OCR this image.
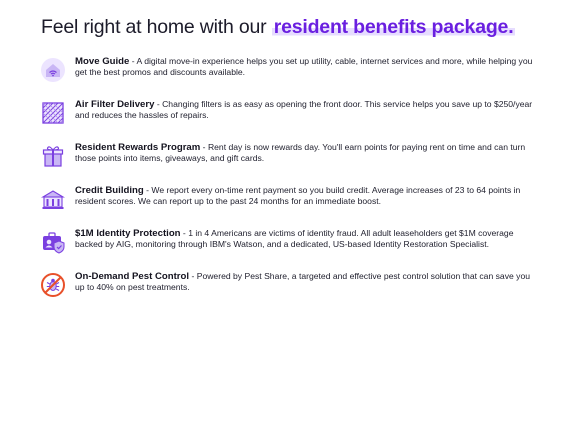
Feel right at home with our resident benefits package.
Move Guide - A digital move-in experience helps you set up utility, cable, internet services and more, while helping you get the best promos and discounts available.
Air Filter Delivery - Changing filters is as easy as opening the front door. This service helps you save up to $250/year and reduces the hassles of repairs.
Resident Rewards Program - Rent day is now rewards day. You'll earn points for paying rent on time and can turn those points into items, giveaways, and gift cards.
Credit Building - We report every on-time rent payment so you build credit. Average increases of 23 to 64 points in resident scores. We can report up to the past 24 months for an immediate boost.
$1M Identity Protection - 1 in 4 Americans are victims of identity fraud. All adult leaseholders get $1M coverage backed by AIG, monitoring through IBM's Watson, and a dedicated, US-based Identity Restoration Specialist.
On-Demand Pest Control - Powered by Pest Share, a targeted and effective pest control solution that can save you up to 40% on pest treatments.
